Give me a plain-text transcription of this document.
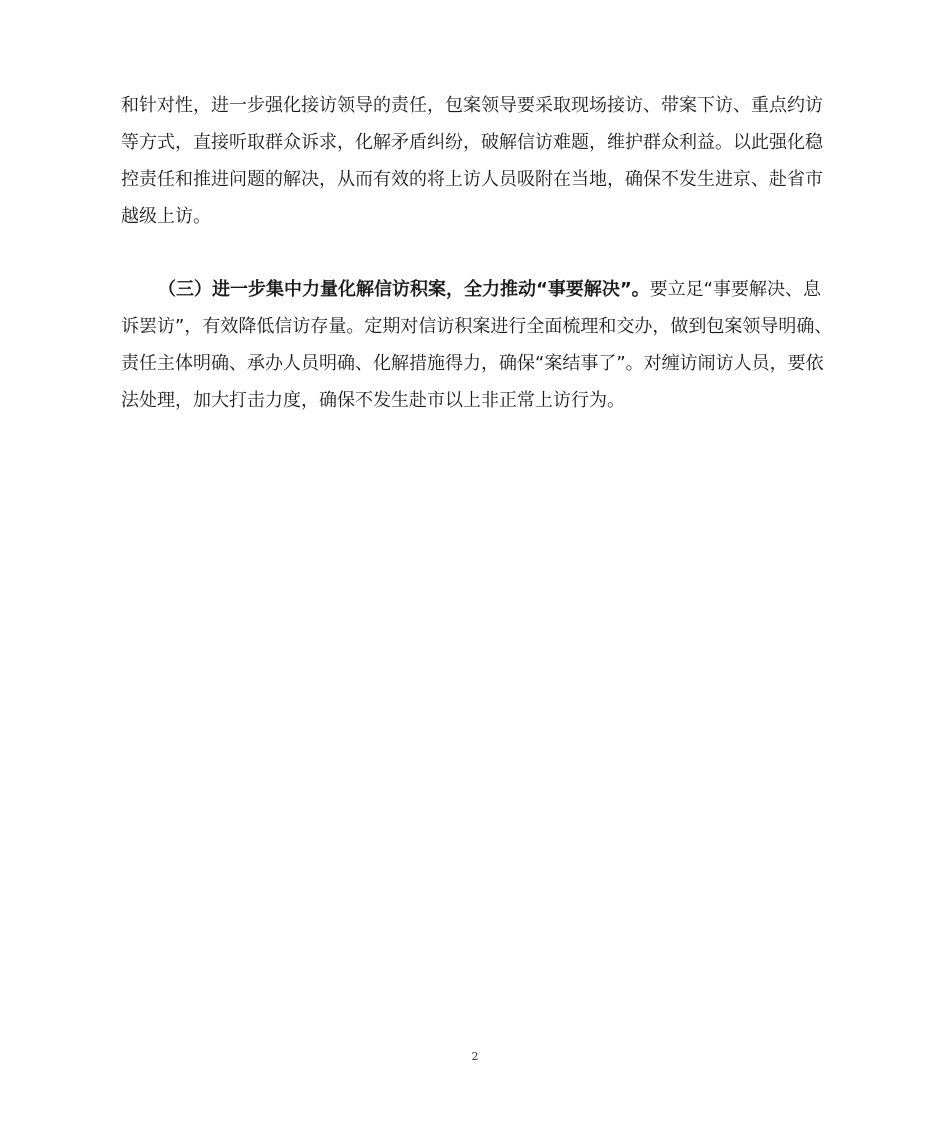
和针对性，进一步强化接访领导的责任，包案领导要采取现场接访、带案下访、重点约访
等方式，直接听取群众诉求，化解矛盾纠纷，破解信访难题，维护群众利益。以此强化稳
控责任和推进问题的解决，从而有效的将上访人员吸附在当地，确保不发生进京、赴省市
越级上访。
（三）进一步集中力量化解信访积案，全力推动“事要解决”。要立足“事要解决、息
诉罢访”，有效降低信访存量。定期对信访积案进行全面梳理和交办，做到包案领导明确、
责任主体明确、承办人员明确、化解措施得力，确保“案结事了”。对缠访闹访人员，要依
法处理，加大打击力度，确保不发生赴市以上非正常上访行为。
2
